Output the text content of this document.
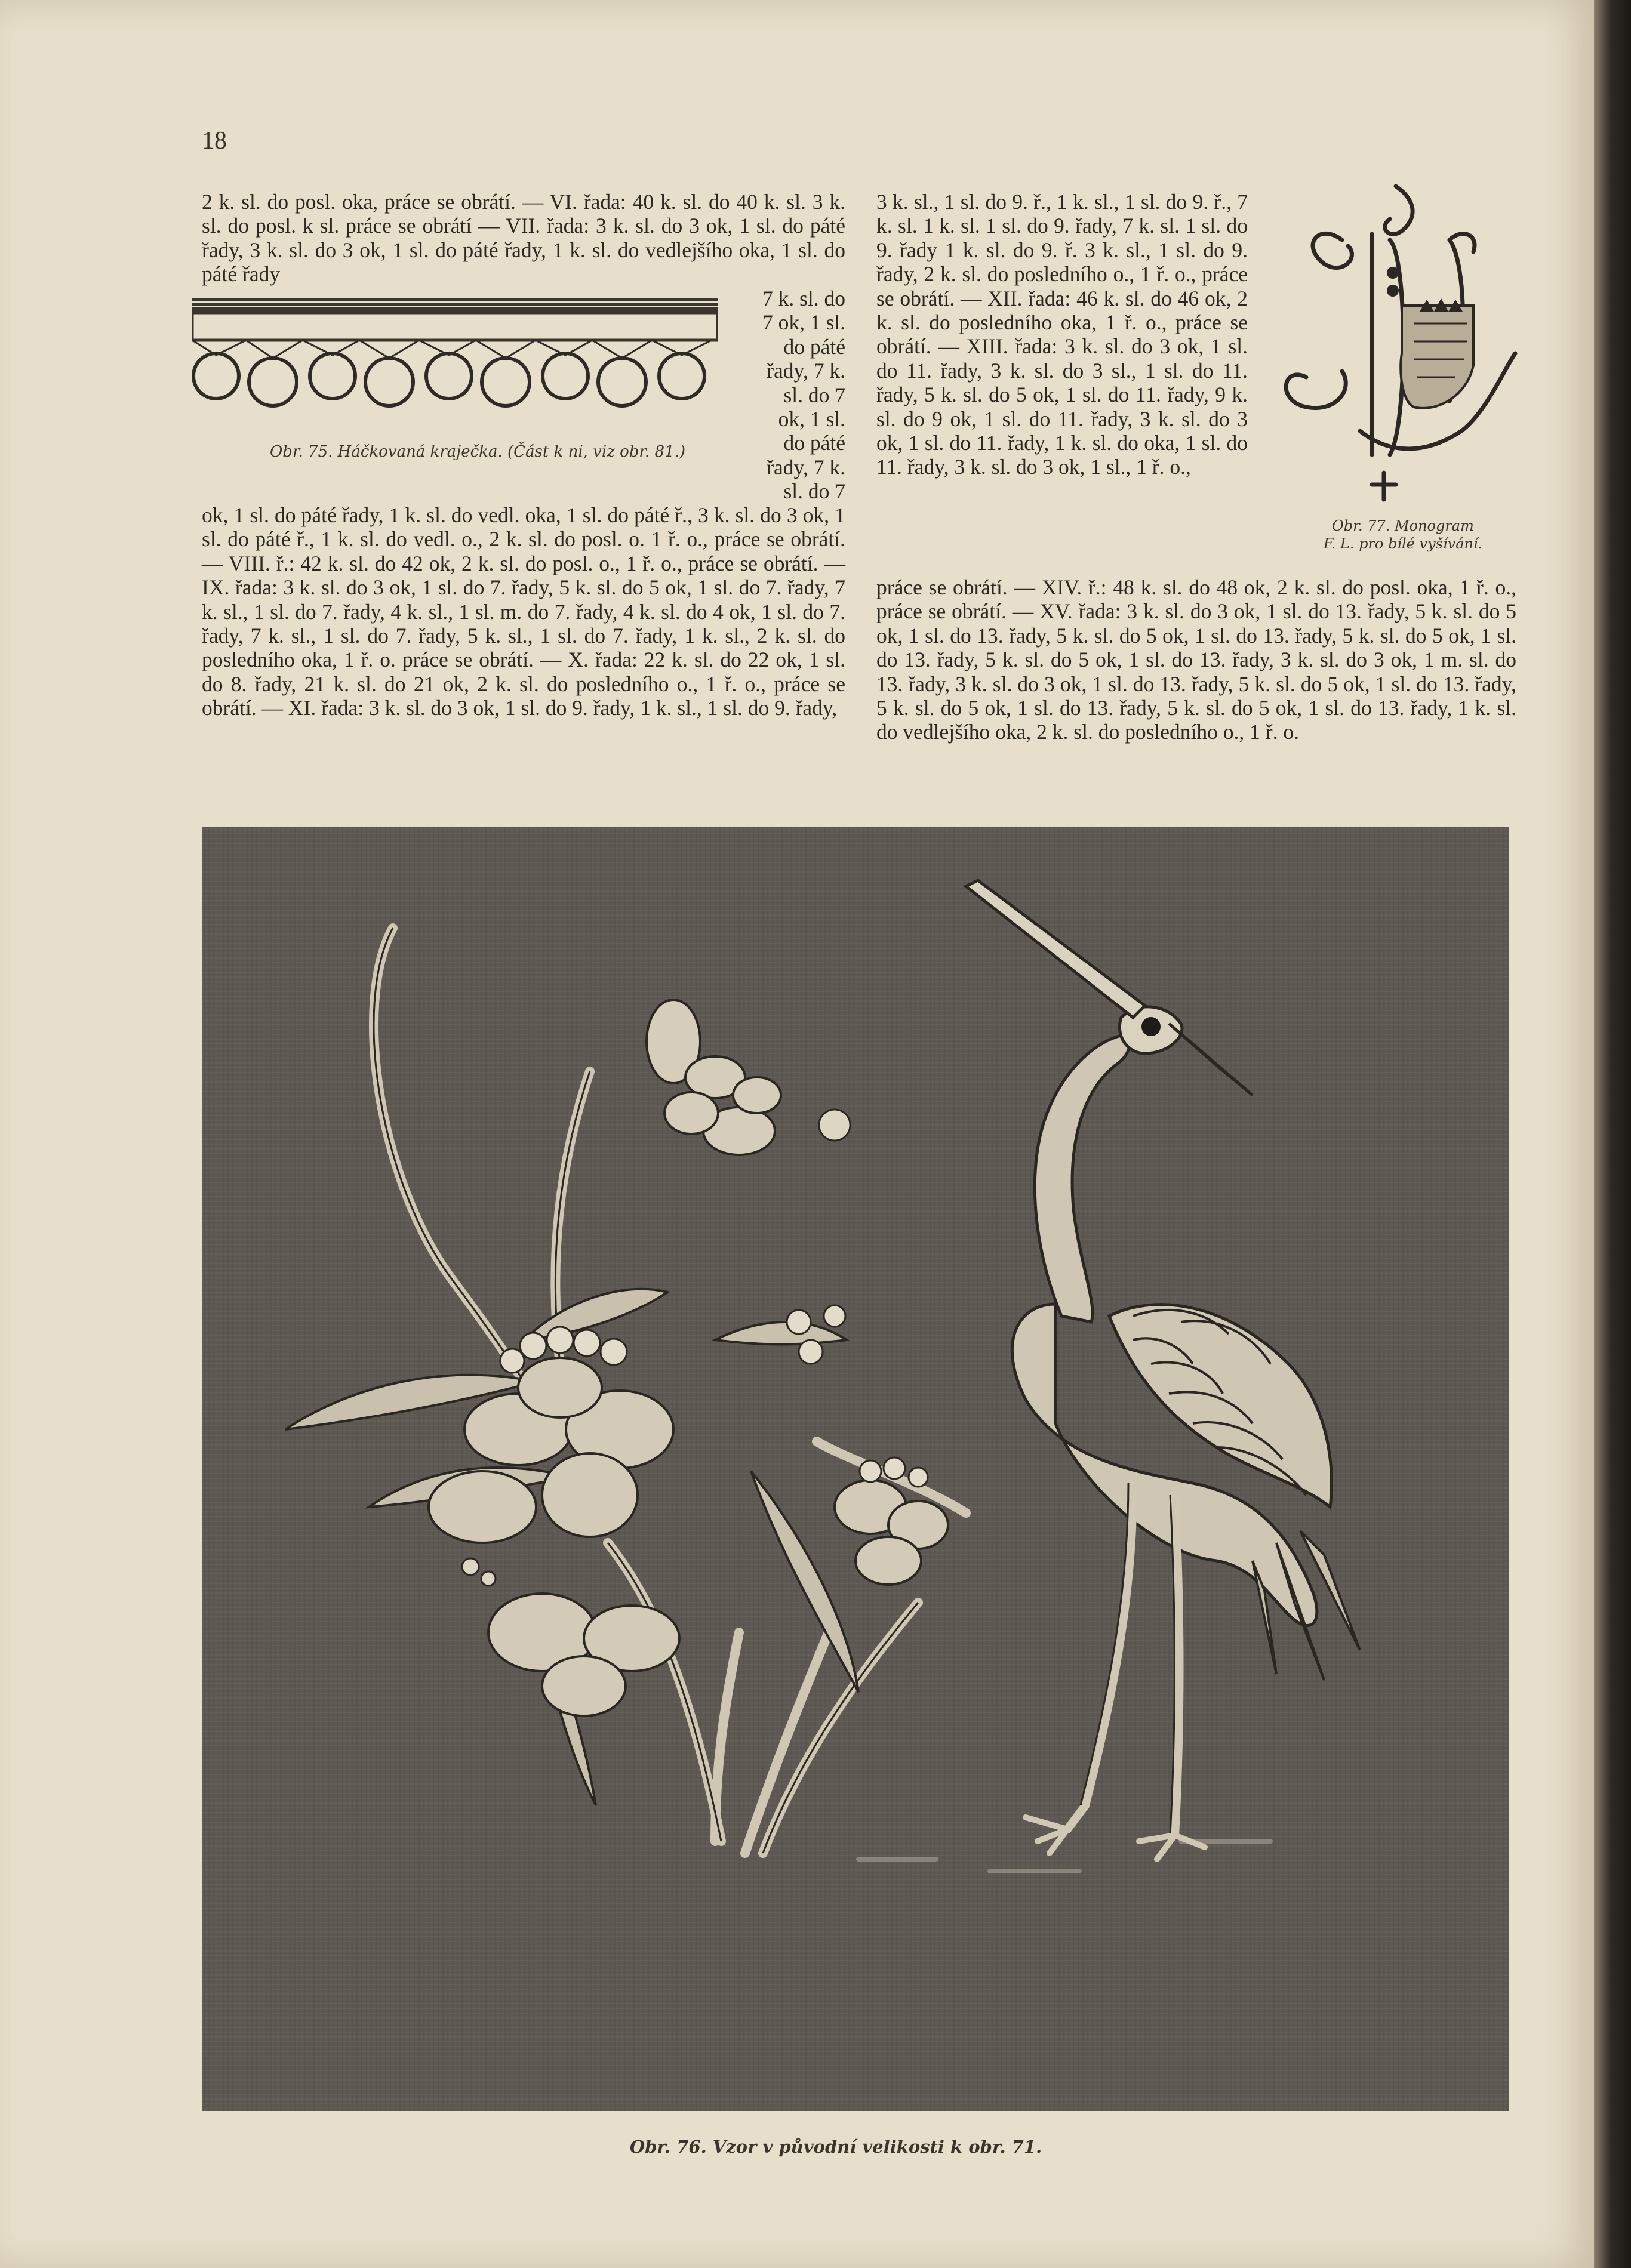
18

2 k. sl. do posl. oka, práce se obrátí. — VI. řada: 40 k. sl. do 40 k. sl. 3 k. sl. do posl. k sl. práce se obrátí — VII. řada: 3 k. sl. do 3 ok, 1 sl. do páté řady, 3 k. sl. do 3 ok, 1 sl. do páté řady, 1 k. sl. do vedlejšího oka, 1 sl. do páté řady

7 k. sl. do

7 ok, 1 sl.

do páté

řady, 7 k.

sl. do 7

ok, 1 sl.

do páté

řady, 7 k.

sl. do 7

Obr. 75. Háčkovaná kraječka. (Část k ni, viz obr. 81.)

ok, 1 sl. do páté řady, 1 k. sl. do vedl. oka, 1 sl. do páté ř., 3 k. sl. do 3 ok, 1 sl. do páté ř., 1 k. sl. do vedl. o., 2 k. sl. do posl. o. 1 ř. o., práce se obrátí. — VIII. ř.: 42 k. sl. do 42 ok, 2 k. sl. do posl. o., 1 ř. o., práce se obrátí. — IX. řada: 3 k. sl. do 3 ok, 1 sl. do 7. řady, 5 k. sl. do 5 ok, 1 sl. do 7. řady, 7 k. sl., 1 sl. do 7. řady, 4 k. sl., 1 sl. m. do 7. řady, 4 k. sl. do 4 ok, 1 sl. do 7. řady, 7 k. sl., 1 sl. do 7. řady, 5 k. sl., 1 sl. do 7. řady, 1 k. sl., 2 k. sl. do posledního oka, 1 ř. o. práce se obrátí. — X. řada: 22 k. sl. do 22 ok, 1 sl. do 8. řady, 21 k. sl. do 21 ok, 2 k. sl. do posledního o., 1 ř. o., práce se obrátí. — XI. řada: 3 k. sl. do 3 ok, 1 sl. do 9. řady, 1 k. sl., 1 sl. do 9. řady,

3 k. sl., 1 sl. do 9. ř., 1 k. sl., 1 sl. do 9. ř., 7 k. sl. 1 k. sl. 1 sl. do 9. řady, 7 k. sl. 1 sl. do 9. řady 1 k. sl. do 9. ř. 3 k. sl., 1 sl. do 9. řady, 2 k. sl. do posledního o., 1 ř. o., práce se obrátí. — XII. řada: 46 k. sl. do 46 ok, 2 k. sl. do posledního oka, 1 ř. o., práce se obrátí. — XIII. řada: 3 k. sl. do 3 ok, 1 sl. do 11. řady, 3 k. sl. do 3 sl., 1 sl. do 11. řady, 5 k. sl. do 5 ok, 1 sl. do 11. řady, 9 k. sl. do 9 ok, 1 sl. do 11. řady, 3 k. sl. do 3 ok, 1 sl. do 11. řady, 1 k. sl. do oka, 1 sl. do 11. řady, 3 k. sl. do 3 ok, 1 sl., 1 ř. o.,

Obr. 77. Monogram
F. L. pro bílé vyšívání.

práce se obrátí. — XIV. ř.: 48 k. sl. do 48 ok, 2 k. sl. do posl. oka, 1 ř. o., práce se obrátí. — XV. řada: 3 k. sl. do 3 ok, 1 sl. do 13. řady, 5 k. sl. do 5 ok, 1 sl. do 13. řady, 5 k. sl. do 5 ok, 1 sl. do 13. řady, 5 k. sl. do 5 ok, 1 sl. do 13. řady, 5 k. sl. do 5 ok, 1 sl. do 13. řady, 3 k. sl. do 3 ok, 1 m. sl. do 13. řady, 3 k. sl. do 3 ok, 1 sl. do 13. řady, 5 k. sl. do 5 ok, 1 sl. do 13. řady, 5 k. sl. do 5 ok, 1 sl. do 13. řady, 5 k. sl. do 5 ok, 1 sl. do 13. řady, 1 k. sl. do vedlejšího oka, 2 k. sl. do posledního o., 1 ř. o.

Obr. 76. Vzor v původní velikosti k obr. 71.
